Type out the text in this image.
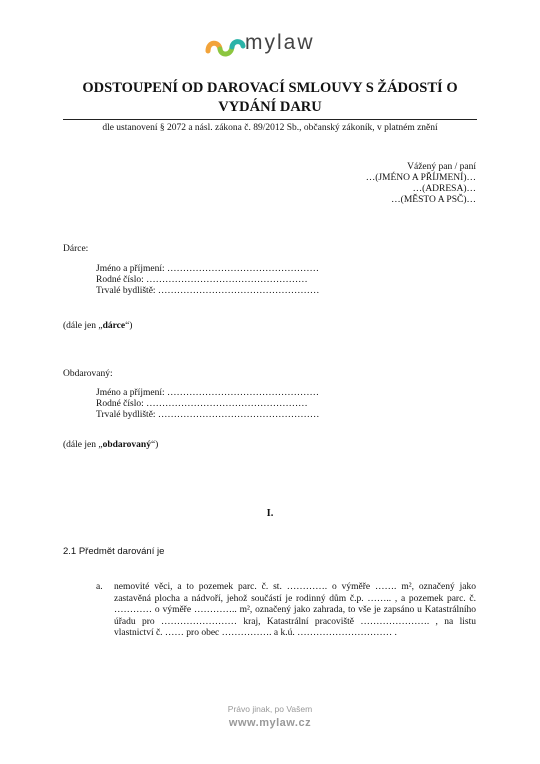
mylaw
ODSTOUPENÍ OD DAROVACÍ SMLOUVY S ŽÁDOSTÍ O
VYDÁNÍ DARU
dle ustanovení § 2072 a násl. zákona č. 89/2012 Sb., občanský zákoník, v platném znění
Vážený pan / paní
…(JMÉNO A PŘÍJMENÍ)…
…(ADRESA)…
…(MĚSTO A PSČ)…
Dárce:
Jméno a příjmení: …………………………………………
Rodné číslo: ……………………………………………
Trvalé bydliště: ……………………………………………
(dále jen „dárce“)
Obdarovaný:
Jméno a příjmení: …………………………………………
Rodné číslo: ……………………………………………
Trvalé bydliště: ……………………………………………
(dále jen „obdarovaný“)
I.
2.1 Předmět darování je
a. nemovité věci, a to pozemek parc. č. st. …………. o výměře ……. m², označený jako zastavěná plocha a nádvoří, jehož součástí je rodinný dům č.p. …….. , a pozemek parc. č. ………… o výměře ………….. m², označený jako zahrada, to vše je zapsáno u Katastrálního úřadu pro …………………… kraj, Katastrální pracoviště …………………. , na listu vlastnictví č. …… pro obec ……………. a k.ú. ………………………… .
Právo jinak, po Vašem
www.mylaw.cz
